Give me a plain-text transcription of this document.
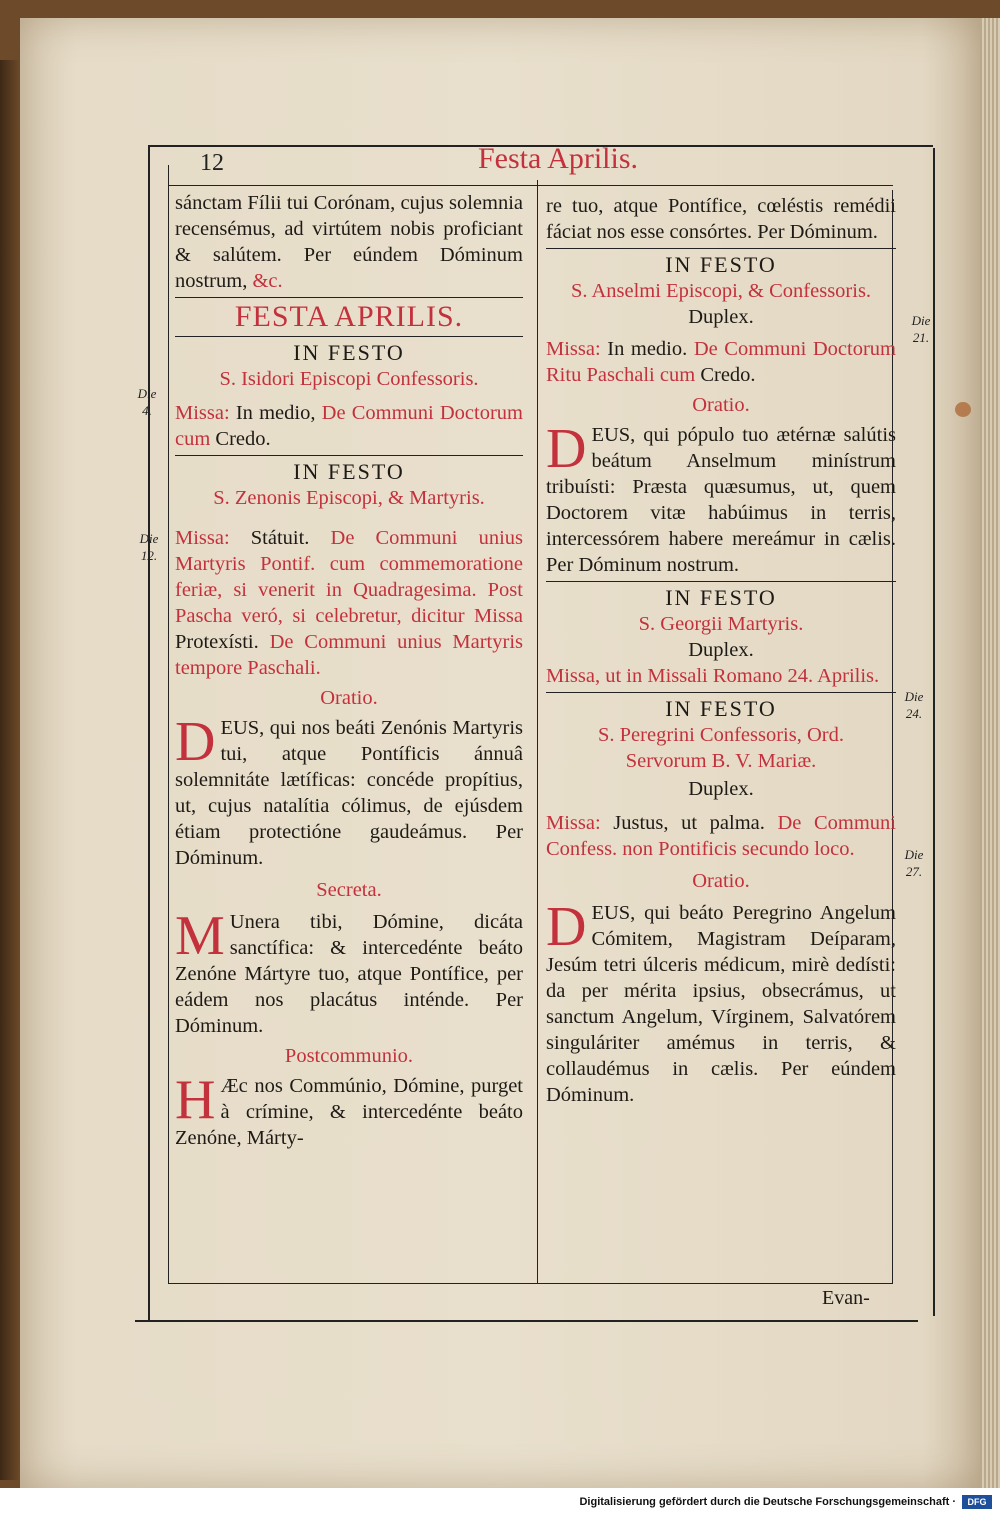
12	Festa Aprilis.
Die
4.
Die
12.
Die
21.
Die
24.
Die
27.

sánctam Fílii tui Corónam, cujus solemnia recensémus, ad virtútem nobis proficiant & salútem. Per eúndem Dóminum nostrum, &c.

FESTA APRILIS.
IN FESTO

S. Isidori Episcopi Confessoris.

Missa: In medio, De Communi Doctorum cum Credo.

IN FESTO

S. Zenonis Episcopi, & Martyris.

Missa: Státuit. De Communi unius Martyris Pontif. cum commemoratione feriæ, si venerit in Quadragesima. Post Pascha veró, si celebretur, dicitur Missa Protexísti. De Communi unius Martyris tempore Paschali.

Oratio.

DEUS, qui nos beáti Zenónis Martyris tui, atque Pontíficis ánnuâ solemnitáte lætíficas: concéde propítius, ut, cujus natalítia cólimus, de ejúsdem étiam protectióne gaudeámus. Per Dóminum.

Secreta.

M Unera tibi, Dómine, dicáta sanctífica: & intercedénte beáto Zenóne Mártyre tuo, atque Pontífice, per eádem nos placátus inténde. Per Dóminum.

Postcommunio.

H Æc nos Commúnio, Dómine, purget à crímine, & intercedénte beáto Zenóne, Márty-

re tuo, atque Pontífice, cœléstis remédii fáciat nos esse consórtes. Per Dóminum.

IN FESTO

S. Anselmi Episcopi, & Confessoris. Duplex.

Missa: In medio. De Communi Doctorum Ritu Paschali cum Credo.

Oratio.

DEUS, qui pópulo tuo ætérnæ salútis beátum Anselmum minístrum tribuísti: Præsta quæsumus, ut, quem Doctorem vitæ habúimus in terris, intercessórem habere mereámur in cælis. Per Dóminum nostrum.

IN FESTO

S. Georgii Martyris.

Duplex.

Missa, ut in Missali Romano 24. Aprilis.

IN FESTO

S. Peregrini Confessoris, Ord. Servorum B. V. Mariæ.

Duplex.

Missa: Justus, ut palma. De Communi Confess. non Pontificis secundo loco.

Oratio.

DEUS, qui beáto Peregrino Angelum Cómitem, Magistram Deíparam, Jesúm tetri úlceris médicum, mirè dedísti: da per mérita ipsius, obsecrámus, ut sanctum Angelum, Vírginem, Salvatórem singuláriter amémus in terris, & collaudémus in cælis. Per eúndem Dóminum.

Evan-
Digitalisierung gefördert durch die Deutsche Forschungsgemeinschaft ·	DFG
